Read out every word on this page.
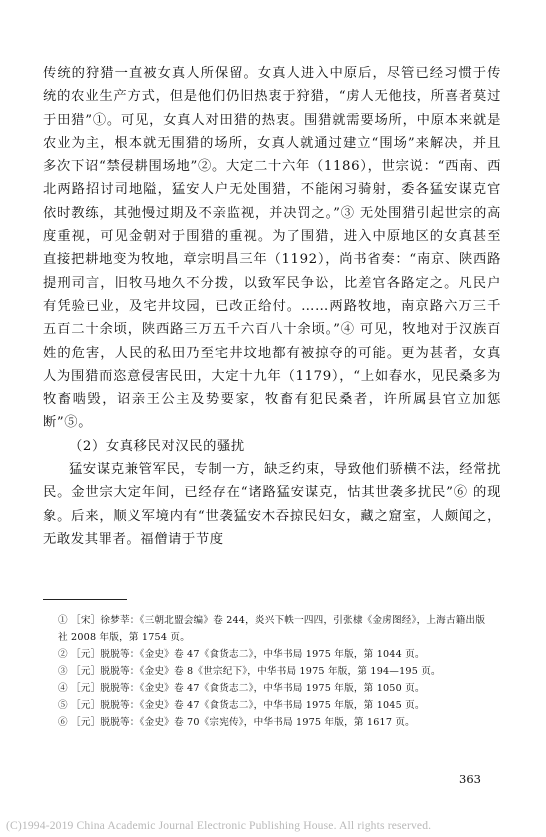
传统的狩猎一直被女真人所保留。女真人进入中原后，尽管已经习惯于传统的农业生产方式，但是他们仍旧热衷于狩猎，“虏人无他技，所喜者莫过于田猎”①。可见，女真人对田猎的热衷。围猎就需要场所，中原本来就是农业为主，根本就无围猎的场所，女真人就通过建立“围场”来解决，并且多次下诏“禁侵耕围场地”②。大定二十六年（1186），世宗说：“西南、西北两路招讨司地隘，猛安人户无处围猎，不能闲习骑射，委各猛安谋克官依时教练，其弛慢过期及不亲监视，并决罚之。”③ 无处围猎引起世宗的高度重视，可见金朝对于围猎的重视。为了围猎，进入中原地区的女真甚至直接把耕地变为牧地，章宗明昌三年（1192），尚书省奏：“南京、陕西路提刑司言，旧牧马地久不分拨，以致军民争讼，比差官各路定之。凡民户有凭验已业，及宅井坟园，已改正给付。……两路牧地，南京路六万三千五百二十余顷，陕西路三万五千六百八十余顷。”④ 可见，牧地对于汉族百姓的危害，人民的私田乃至宅井坟地都有被掠夺的可能。更为甚者，女真人为围猎而恣意侵害民田，大定十九年（1179），“上如春水，见民桑多为牧畜啮毁，诏亲王公主及势要家，牧畜有犯民桑者，许所属县官立加惩断”⑤。

（2）女真移民对汉民的骚扰

猛安谋克兼管军民，专制一方，缺乏约束，导致他们骄横不法，经常扰民。金世宗大定年间，已经存在“诸路猛安谋克，怙其世袭多扰民”⑥ 的现象。后来，顺义军境内有“世袭猛安木吞掠民妇女，藏之窟室，人颇闻之，无敢发其罪者。福僧请于节度

① ［宋］徐梦莘：《三朝北盟会编》卷 244，炎兴下帙一四四，引张棣《金虏图经》，上海古籍出版社 2008 年版，第 1754 页。

② ［元］脱脱等：《金史》卷 47《食货志二》，中华书局 1975 年版，第 1044 页。

③ ［元］脱脱等：《金史》卷 8《世宗纪下》，中华书局 1975 年版，第 194—195 页。

④ ［元］脱脱等：《金史》卷 47《食货志二》，中华书局 1975 年版，第 1050 页。

⑤ ［元］脱脱等：《金史》卷 47《食货志二》，中华书局 1975 年版，第 1045 页。

⑥ ［元］脱脱等：《金史》卷 70《宗宪传》，中华书局 1975 年版，第 1617 页。

363
(C)1994-2019 China Academic Journal Electronic Publishing House. All rights reserved.
